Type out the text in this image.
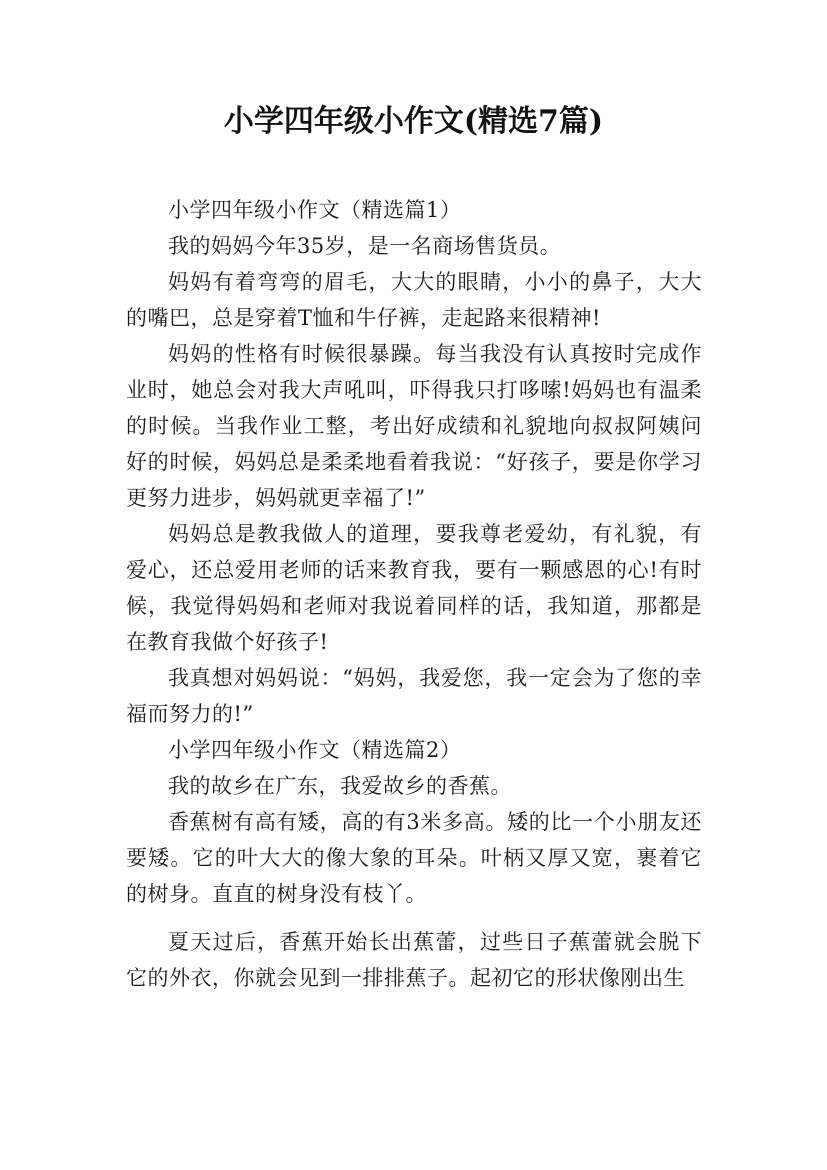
小学四年级小作文(精选7篇)

小学四年级小作文（精选篇1）

我的妈妈今年35岁，是一名商场售货员。

妈妈有着弯弯的眉毛，大大的眼睛，小小的鼻子，大大的嘴巴，总是穿着T恤和牛仔裤，走起路来很精神!

妈妈的性格有时候很暴躁。每当我没有认真按时完成作业时，她总会对我大声吼叫，吓得我只打哆嗦!妈妈也有温柔的时候。当我作业工整，考出好成绩和礼貌地向叔叔阿姨问好的时候，妈妈总是柔柔地看着我说：“好孩子，要是你学习更努力进步，妈妈就更幸福了!”

妈妈总是教我做人的道理，要我尊老爱幼，有礼貌，有爱心，还总爱用老师的话来教育我，要有一颗感恩的心!有时候，我觉得妈妈和老师对我说着同样的话，我知道，那都是在教育我做个好孩子!

我真想对妈妈说：“妈妈，我爱您，我一定会为了您的幸福而努力的!”

小学四年级小作文（精选篇2）

我的故乡在广东，我爱故乡的香蕉。

香蕉树有高有矮，高的有3米多高。矮的比一个小朋友还要矮。它的叶大大的像大象的耳朵。叶柄又厚又宽，裹着它的树身。直直的树身没有枝丫。

夏天过后，香蕉开始长出蕉蕾，过些日子蕉蕾就会脱下它的外衣，你就会见到一排排蕉子。起初它的形状像刚出生
